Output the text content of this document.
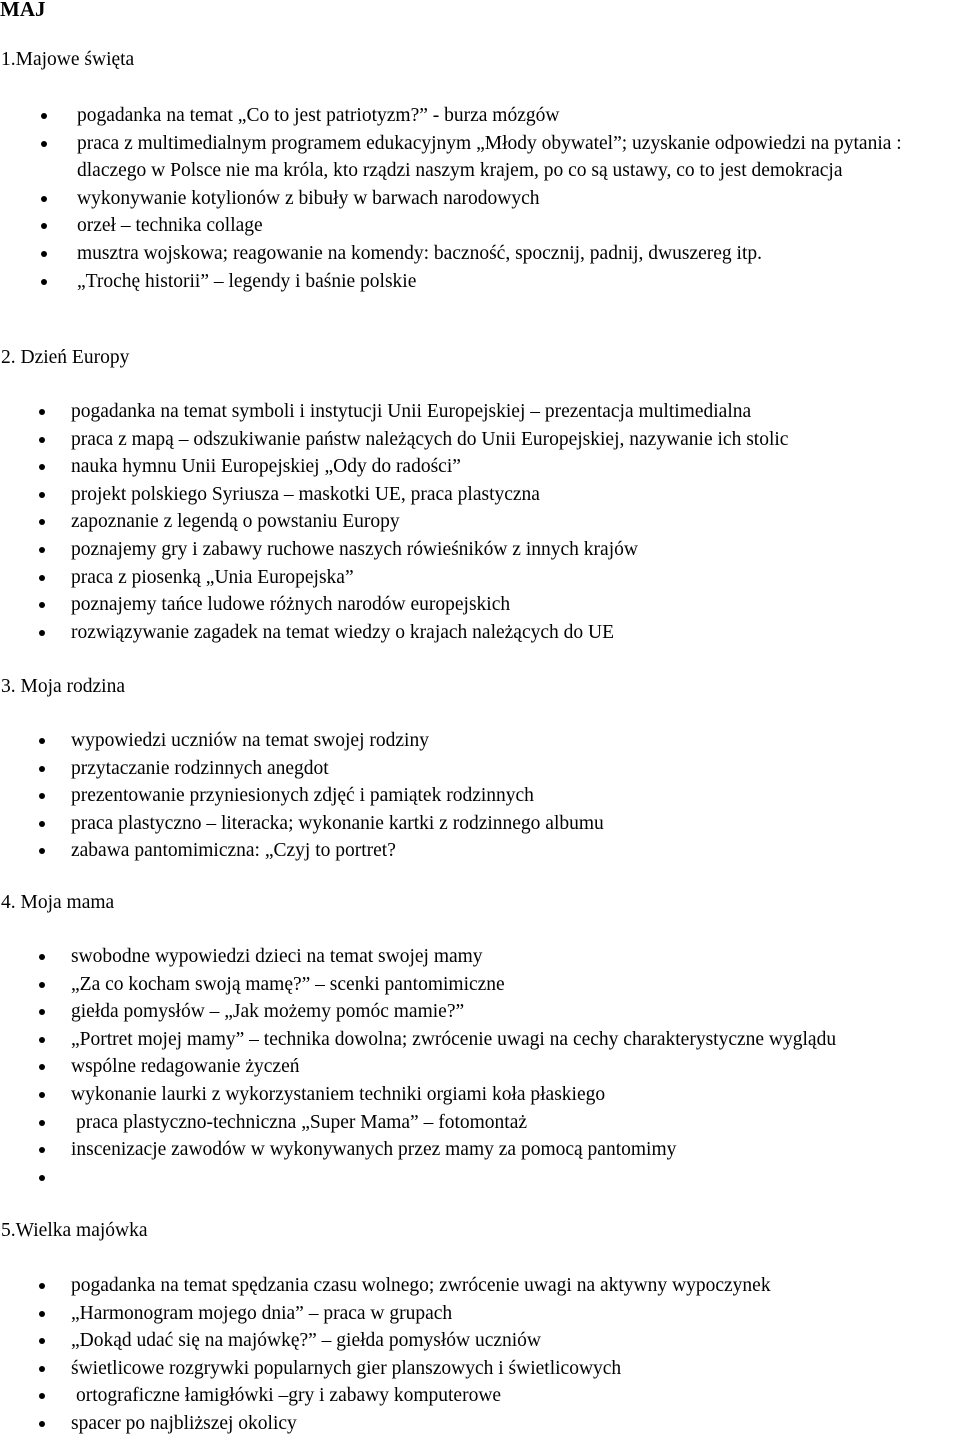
MAJ
1.Majowe święta
pogadanka na temat „Co to jest patriotyzm?” - burza mózgów
praca z multimedialnym programem edukacyjnym „Młody obywatel”; uzyskanie odpowiedzi na pytania : dlaczego w Polsce nie ma króla, kto rządzi naszym krajem, po co są ustawy, co to jest demokracja
wykonywanie kotylionów z bibuły w barwach narodowych
orzeł – technika collage
musztra wojskowa; reagowanie na komendy: baczność, spocznij, padnij, dwuszereg itp.
„Trochę historii” – legendy i baśnie polskie
2. Dzień Europy
pogadanka na temat symboli i instytucji Unii Europejskiej – prezentacja multimedialna
praca z mapą – odszukiwanie państw należących do Unii Europejskiej, nazywanie ich stolic
nauka hymnu Unii Europejskiej „Ody do radości”
projekt polskiego Syriusza – maskotki UE, praca plastyczna
zapoznanie z legendą o powstaniu Europy
poznajemy gry i zabawy ruchowe naszych rówieśników z innych krajów
praca z piosenką „Unia Europejska”
poznajemy tańce ludowe różnych narodów europejskich
rozwiązywanie zagadek na temat wiedzy o krajach należących do UE
3. Moja rodzina
wypowiedzi uczniów na temat swojej rodziny
przytaczanie rodzinnych anegdot
prezentowanie przyniesionych zdjęć i pamiątek rodzinnych
praca plastyczno – literacka; wykonanie kartki z rodzinnego albumu
zabawa pantomimiczna: „Czyj to portret?
4. Moja mama
swobodne wypowiedzi dzieci na temat swojej mamy
„Za co kocham swoją mamę?” – scenki pantomimiczne
giełda pomysłów – „Jak możemy pomóc mamie?”
„Portret mojej mamy” – technika dowolna; zwrócenie uwagi na cechy charakterystyczne wyglądu
wspólne redagowanie życzeń
wykonanie laurki z wykorzystaniem techniki orgiami koła płaskiego
praca plastyczno-techniczna „Super Mama” – fotomontaż
inscenizacje zawodów w wykonywanych przez mamy za pomocą pantomimy

5.Wielka majówka
pogadanka na temat spędzania czasu wolnego; zwrócenie uwagi na aktywny wypoczynek
„Harmonogram mojego dnia” – praca w grupach
„Dokąd udać się na majówkę?” – giełda pomysłów uczniów
świetlicowe rozgrywki popularnych gier planszowych i świetlicowych
ortograficzne łamigłówki –gry i zabawy komputerowe
spacer po najbliższej okolicy
